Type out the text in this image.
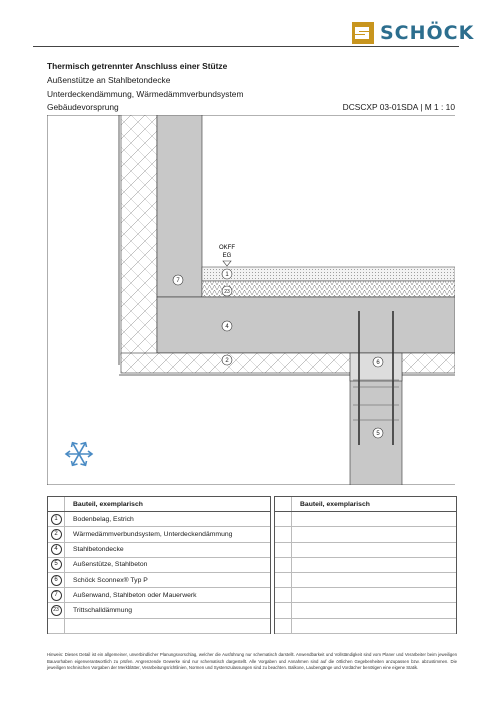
SCHÖCK
Thermisch getrennter Anschluss einer Stütze
Außenstütze an Stahlbetondecke
Unterdeckendämmung, Wärmedämmverbundsystem
Gebäudevorsprung	DCSCXP 03-01SDA | M 1 : 10
OKFF
EG
7
1
23
4
2	6
5
Bauteil, exemplarisch
1	Bodenbelag, Estrich
2	Wärmedämmverbundsystem, Unterdeckendämmung
4	Stahlbetondecke
5	Außenstütze, Stahlbeton
6	Schöck Sconnex® Typ P
7	Außenwand, Stahlbeton oder Mauerwerk
23	Trittschalldämmung
Bauteil, exemplarisch
Hinweis: Dieses Detail ist ein allgemeiner, unverbindlicher Planungsvorschlag, welcher die Ausführung nur schematisch darstellt. Anwendbarkeit und Vollständigkeit sind vom Planer und Verarbeiter beim jeweiligen Bauvorhaben eigenverantwortlich zu prüfen. Angrenzende Gewerke sind nur schematisch dargestellt. Alle Vorgaben und Annahmen sind auf die örtlichen Gegebenheiten anzupassen bzw. abzustimmen. Die jeweiligen technischen Vorgaben der Merkblätter, Verarbeitungsrichtlinien, Normen und Systemzulassungen sind zu beachten. Balkone, Laubengänge und Vordächer benötigen eine eigene Statik.
